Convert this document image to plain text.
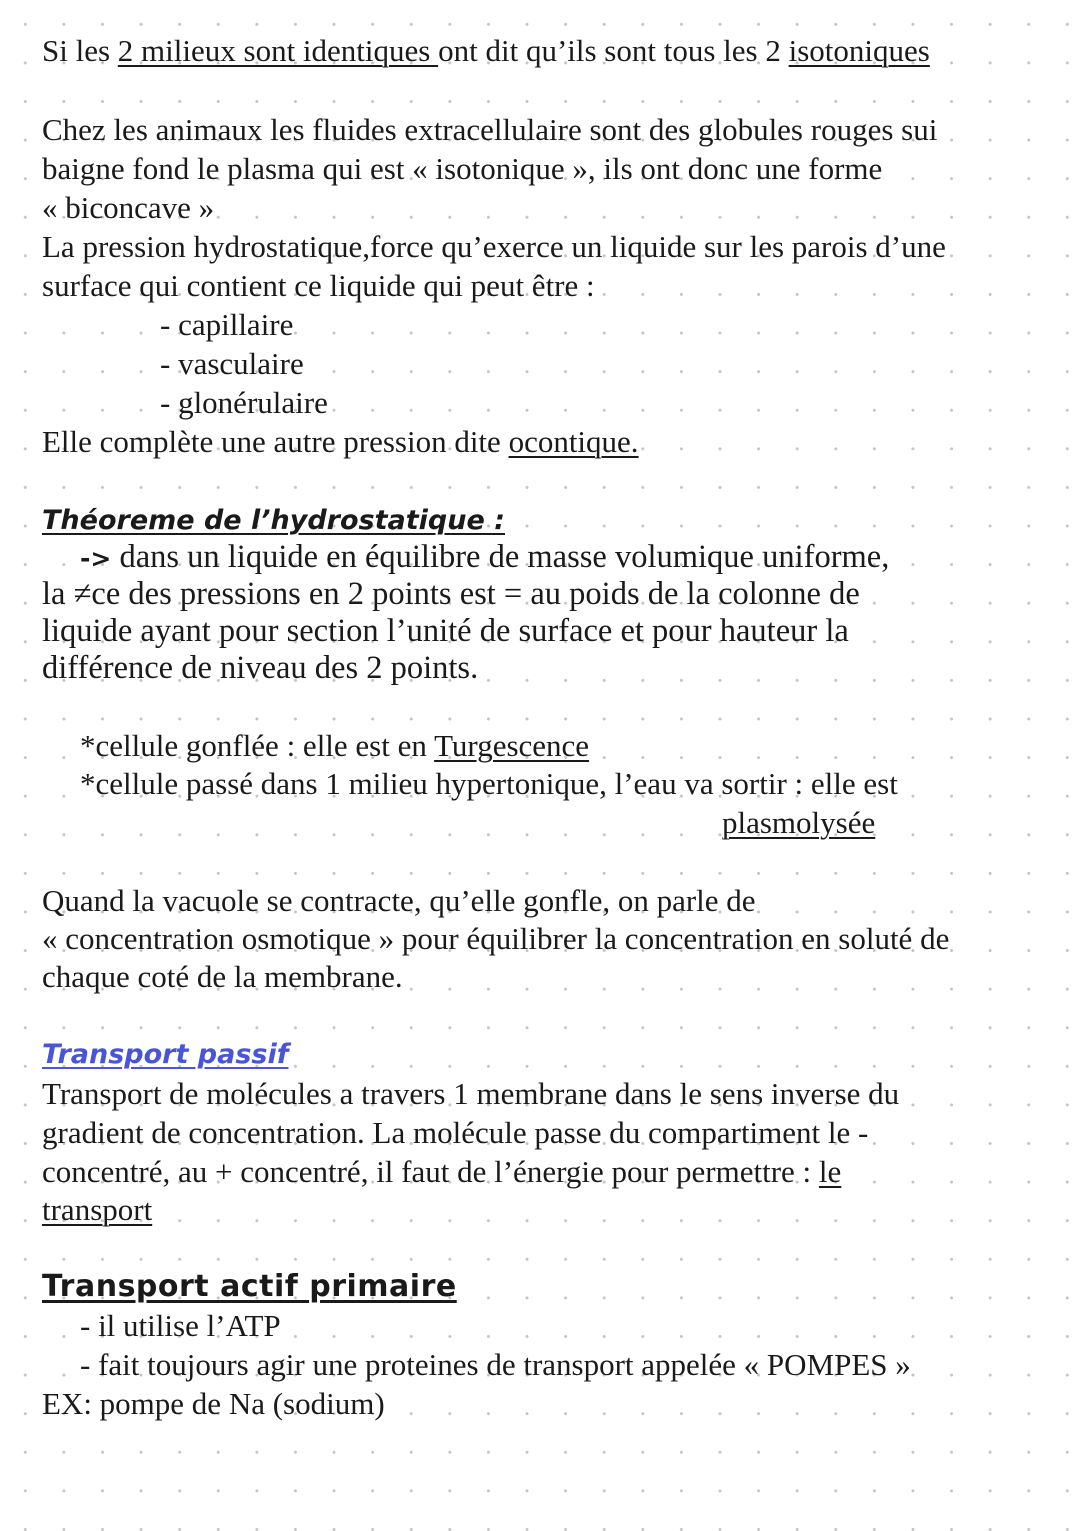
Si les 2 milieux sont identiques ont dit qu’ils sont tous les 2 isotoniques
Chez les animaux les fluides extracellulaire sont des globules rouges sui
baigne fond le plasma qui est « isotonique », ils ont donc une forme
« biconcave »
La pression hydrostatique,force qu’exerce un liquide sur les parois d’une
surface qui contient ce liquide qui peut être :
- capillaire
- vasculaire
- glonérulaire
Elle complète une autre pression dite ocontique.
Théoreme de l’hydrostatique :
-> dans un liquide en équilibre de masse volumique uniforme,
la ≠ce des pressions en 2 points est = au poids de la colonne de
liquide ayant pour section l’unité de surface et pour hauteur la
différence de niveau des 2 points.
*cellule gonflée : elle est en Turgescence
*cellule passé dans 1 milieu hypertonique, l’eau va sortir : elle est
plasmolysée
Quand la vacuole se contracte, qu’elle gonfle, on parle de
« concentration osmotique » pour équilibrer la concentration en soluté de
chaque coté de la membrane.
Transport passif
Transport de molécules a travers 1 membrane dans le sens inverse du
gradient de concentration. La molécule passe du compartiment le -
concentré, au + concentré, il faut de l’énergie pour permettre : le
transport
Transport actif primaire
- il utilise l’ATP
- fait toujours agir une proteines de transport appelée « POMPES »
EX: pompe de Na (sodium)
